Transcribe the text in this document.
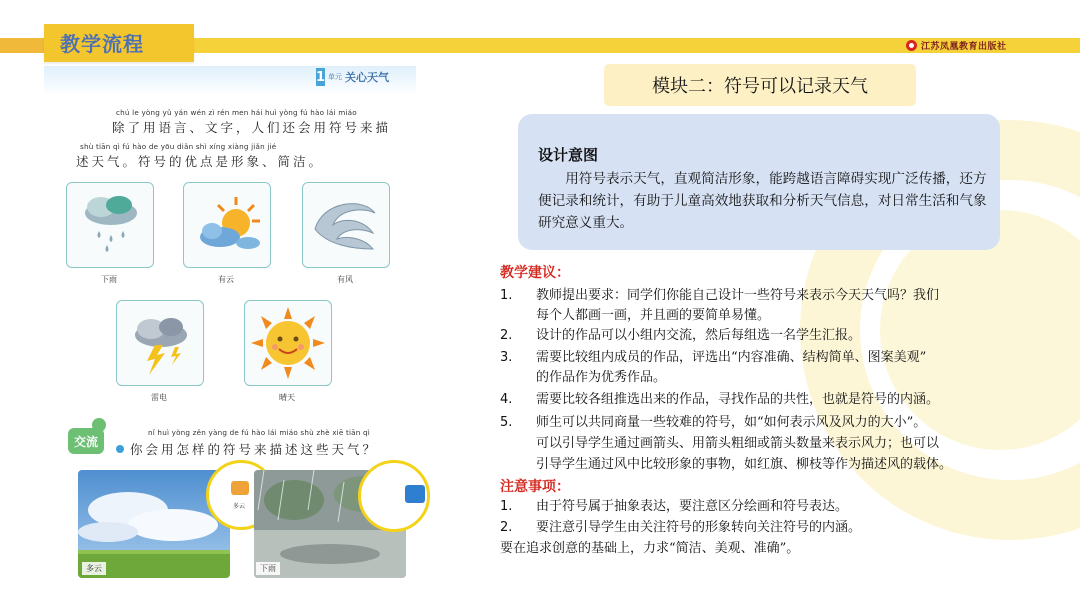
教学流程	江苏凤凰教育出版社
1 单元 关心天气
chú le yòng yǔ yán wén zì rén men hái huì yòng fú hào lái miáo
除了用语言、文字，人们还会用符号来描
shù tiān qì fú hào de yōu diǎn shì xíng xiàng jiǎn jié
述天气。符号的优点是形象、简洁。
下雨	有云	有风
雷电	晴天
交流
nǐ huì yòng zěn yàng de fú hào lái miáo shù zhè xiē tiān qì
你会用怎样的符号来描述这些天气？
多云
多云
下雨
模块二：符号可以记录天气
设计意图
用符号表示天气，直观简洁形象，能跨越语言障碍实现广泛传播，还方便记录和统计，有助于儿童高效地获取和分析天气信息，对日常生活和气象研究意义重大。
教学建议：
1. 教师提出要求：同学们你能自己设计一些符号来表示今天天气吗？我们
每个人都画一画，并且画的要简单易懂。
2. 设计的作品可以小组内交流，然后每组选一名学生汇报。
3. 需要比较组内成员的作品，评选出“内容准确、结构简单、图案美观”
的作品作为优秀作品。
4. 需要比较各组推选出来的作品，寻找作品的共性，也就是符号的内涵。
5. 师生可以共同商量一些较难的符号，如“如何表示风及风力的大小”。
可以引导学生通过画箭头、用箭头粗细或箭头数量来表示风力；也可以
引导学生通过风中比较形象的事物，如红旗、柳枝等作为描述风的载体。
注意事项：
1. 由于符号属于抽象表达，要注意区分绘画和符号表达。
2. 要注意引导学生由关注符号的形象转向关注符号的内涵。
要在追求创意的基础上，力求“简洁、美观、准确”。
